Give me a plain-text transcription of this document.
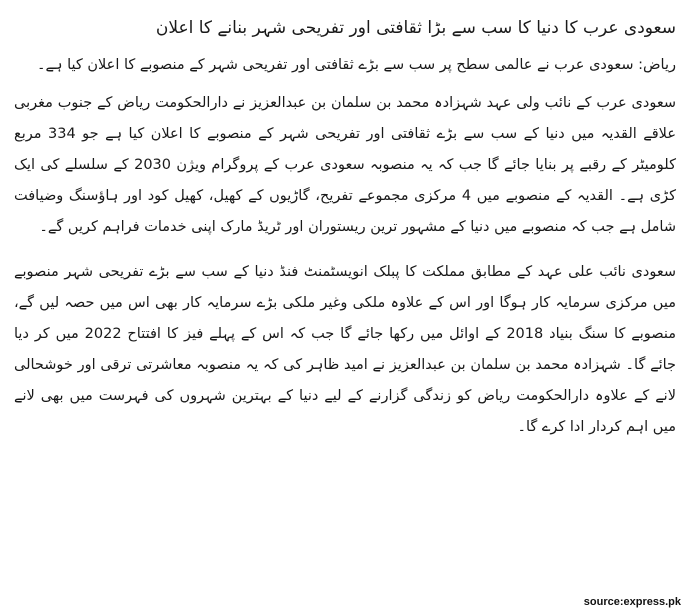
سعودی عرب کا دنیا کا سب سے بڑا ثقافتی اور تفریحی شہر بنانے کا اعلان

ریاض: سعودی عرب نے عالمی سطح پر سب سے بڑے ثقافتی اور تفریحی شہر کے منصوبے کا اعلان کیا ہے۔

سعودی عرب کے نائب ولی عہد شہزادہ محمد بن سلمان بن عبدالعزیز نے دارالحکومت ریاض کے جنوب مغربی علاقے القدیہ میں دنیا کے سب سے بڑے ثقافتی اور تفریحی شہر کے منصوبے کا اعلان کیا ہے جو 334 مربع کلومیٹر کے رقبے پر بنایا جائے گا جب کہ یہ منصوبہ سعودی عرب کے پروگرام ویژن 2030 کے سلسلے کی ایک کڑی ہے۔ القدیہ کے منصوبے میں 4 مرکزی مجموعے تفریح، گاڑیوں کے کھیل، کھیل کود اور ہاؤسنگ وضیافت شامل ہے جب کہ منصوبے میں دنیا کے مشہور ترین ریستوران اور ٹریڈ مارک اپنی خدمات فراہم کریں گے۔

سعودی نائب علی عہد کے مطابق مملکت کا پبلک انویسٹمنٹ فنڈ دنیا کے سب سے بڑے تفریحی شہر منصوبے میں مرکزی سرمایہ کار ہوگا اور اس کے علاوہ ملکی وغیر ملکی بڑے سرمایہ کار بھی اس میں حصہ لیں گے، منصوبے کا سنگ بنیاد 2018 کے اوائل میں رکھا جائے گا جب کہ اس کے پہلے فیز کا افتتاح 2022 میں کر دیا جائے گا۔ شہزادہ محمد بن سلمان بن عبدالعزیز نے امید ظاہر کی کہ یہ منصوبہ معاشرتی ترقی اور خوشحالی لانے کے علاوہ دارالحکومت ریاض کو زندگی گزارنے کے لیے دنیا کے بہترین شہروں کی فہرست میں بھی لانے میں اہم کردار ادا کرے گا۔

source:express.pk
